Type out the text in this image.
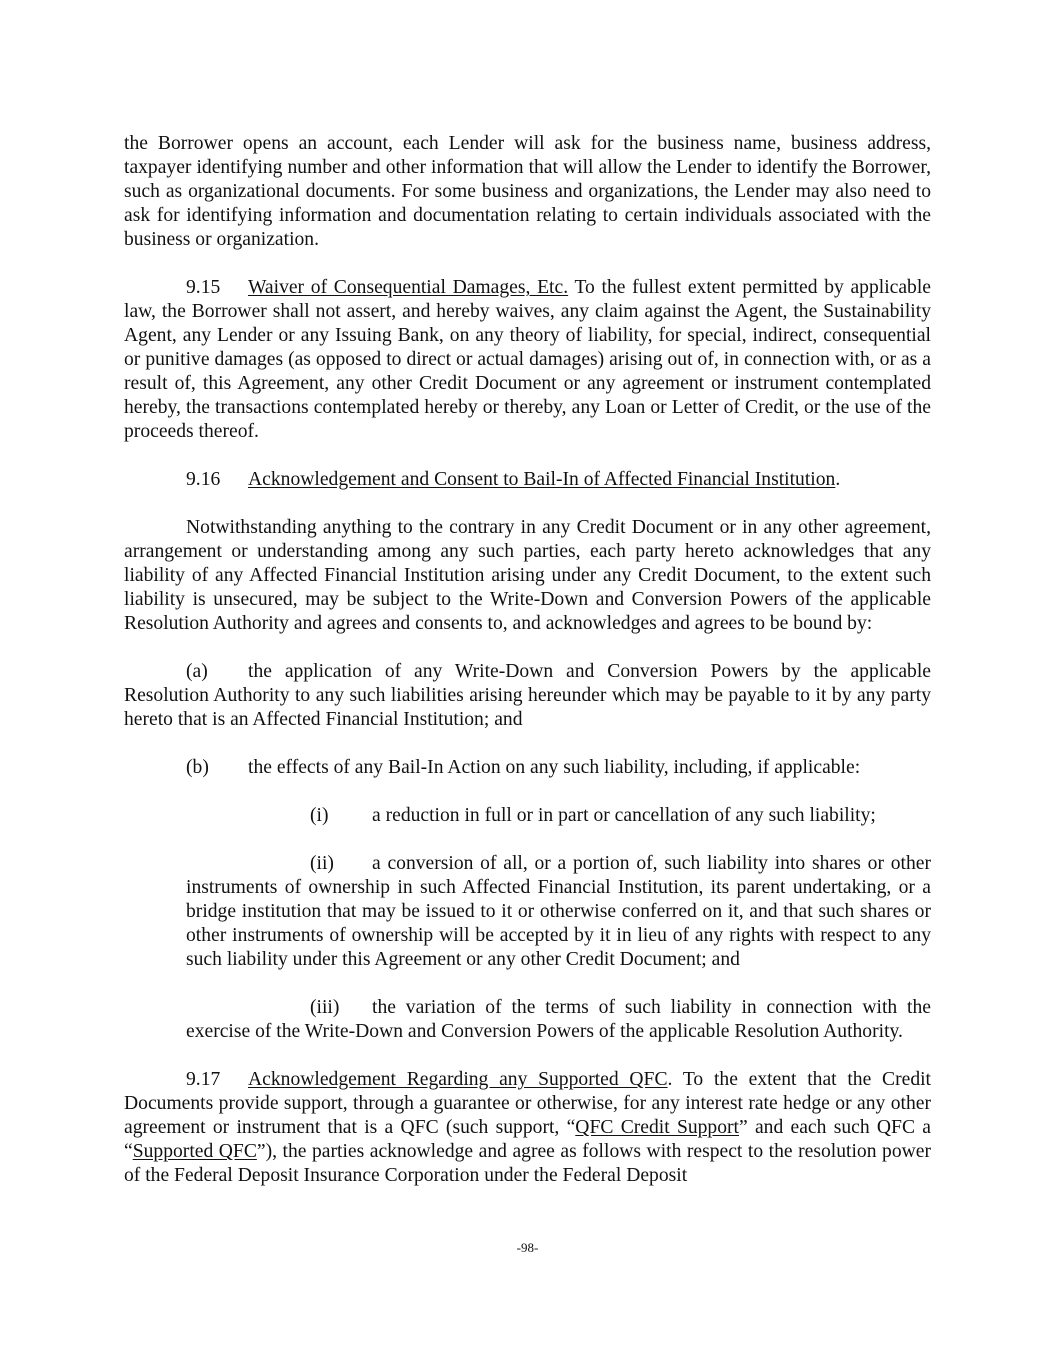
the Borrower opens an account, each Lender will ask for the business name, business address, taxpayer identifying number and other information that will allow the Lender to identify the Borrower, such as organizational documents. For some business and organizations, the Lender may also need to ask for identifying information and documentation relating to certain individuals associated with the business or organization.

9.15 Waiver of Consequential Damages, Etc. To the fullest extent permitted by applicable law, the Borrower shall not assert, and hereby waives, any claim against the Agent, the Sustainability Agent, any Lender or any Issuing Bank, on any theory of liability, for special, indirect, consequential or punitive damages (as opposed to direct or actual damages) arising out of, in connection with, or as a result of, this Agreement, any other Credit Document or any agreement or instrument contemplated hereby, the transactions contemplated hereby or thereby, any Loan or Letter of Credit, or the use of the proceeds thereof.

9.16 Acknowledgement and Consent to Bail-In of Affected Financial Institution.

Notwithstanding anything to the contrary in any Credit Document or in any other agreement, arrangement or understanding among any such parties, each party hereto acknowledges that any liability of any Affected Financial Institution arising under any Credit Document, to the extent such liability is unsecured, may be subject to the Write-Down and Conversion Powers of the applicable Resolution Authority and agrees and consents to, and acknowledges and agrees to be bound by:

(a) the application of any Write-Down and Conversion Powers by the applicable Resolution Authority to any such liabilities arising hereunder which may be payable to it by any party hereto that is an Affected Financial Institution; and

(b) the effects of any Bail-In Action on any such liability, including, if applicable:

(i) a reduction in full or in part or cancellation of any such liability;

(ii) a conversion of all, or a portion of, such liability into shares or other instruments of ownership in such Affected Financial Institution, its parent undertaking, or a bridge institution that may be issued to it or otherwise conferred on it, and that such shares or other instruments of ownership will be accepted by it in lieu of any rights with respect to any such liability under this Agreement or any other Credit Document; and

(iii) the variation of the terms of such liability in connection with the exercise of the Write-Down and Conversion Powers of the applicable Resolution Authority.

9.17 Acknowledgement Regarding any Supported QFC. To the extent that the Credit Documents provide support, through a guarantee or otherwise, for any interest rate hedge or any other agreement or instrument that is a QFC (such support, “QFC Credit Support” and each such QFC a “Supported QFC”), the parties acknowledge and agree as follows with respect to the resolution power of the Federal Deposit Insurance Corporation under the Federal Deposit

-98-
